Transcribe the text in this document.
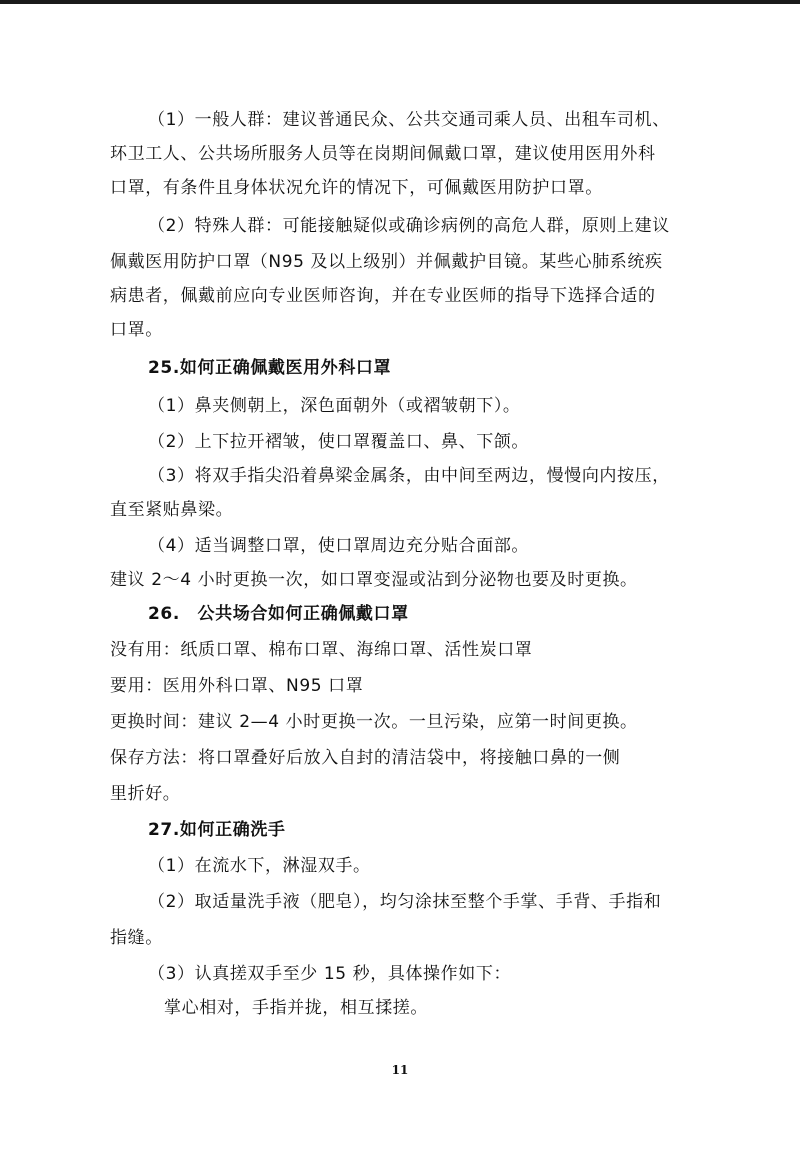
（1）一般人群：建议普通民众、公共交通司乘人员、出租车司机、
环卫工人、公共场所服务人员等在岗期间佩戴口罩，建议使用医用外科
口罩，有条件且身体状况允许的情况下，可佩戴医用防护口罩。
（2）特殊人群：可能接触疑似或确诊病例的高危人群，原则上建议
佩戴医用防护口罩（N95 及以上级别）并佩戴护目镜。某些心肺系统疾
病患者，佩戴前应向专业医师咨询，并在专业医师的指导下选择合适的
口罩。
25.如何正确佩戴医用外科口罩
（1）鼻夹侧朝上，深色面朝外（或褶皱朝下）。
（2）上下拉开褶皱，使口罩覆盖口、鼻、下颌。
（3）将双手指尖沿着鼻梁金属条，由中间至两边，慢慢向内按压，
直至紧贴鼻梁。
（4）适当调整口罩，使口罩周边充分贴合面部。
建议 2～4 小时更换一次，如口罩变湿或沾到分泌物也要及时更换。
26.　公共场合如何正确佩戴口罩
没有用：纸质口罩、棉布口罩、海绵口罩、活性炭口罩
要用：医用外科口罩、N95 口罩
更换时间：建议 2—4 小时更换一次。一旦污染，应第一时间更换。
保存方法：将口罩叠好后放入自封的清洁袋中，将接触口鼻的一侧
里折好。
27.如何正确洗手
（1）在流水下，淋湿双手。
（2）取适量洗手液（肥皂），均匀涂抹至整个手掌、手背、手指和
指缝。
（3）认真搓双手至少 15 秒，具体操作如下：
掌心相对，手指并拢，相互揉搓。
11
